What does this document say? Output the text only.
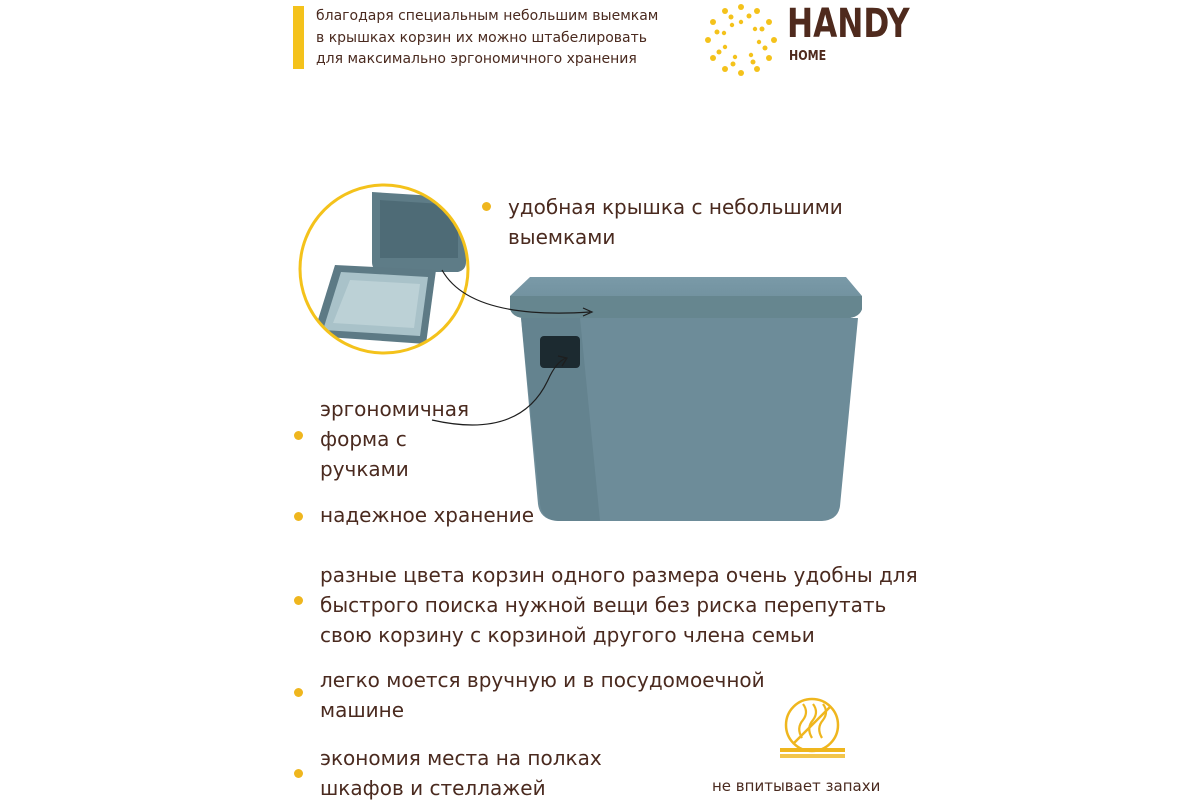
благодаря специальным небольшим выемкам
в крышках корзин их можно штабелировать
для максимально эргономичного хранения
HANDY
HOME
удобная крышка с небольшими
выемками
эргономичная
форма с
ручками
надежное хранение
разные цвета корзин одного размера очень удобны для
быстрого поиска нужной вещи без риска перепутать
свою корзину с корзиной другого члена семьи
легко моется вручную и в посудомоечной
машине
экономия места на полках
шкафов и стеллажей	не впитывает запахи
